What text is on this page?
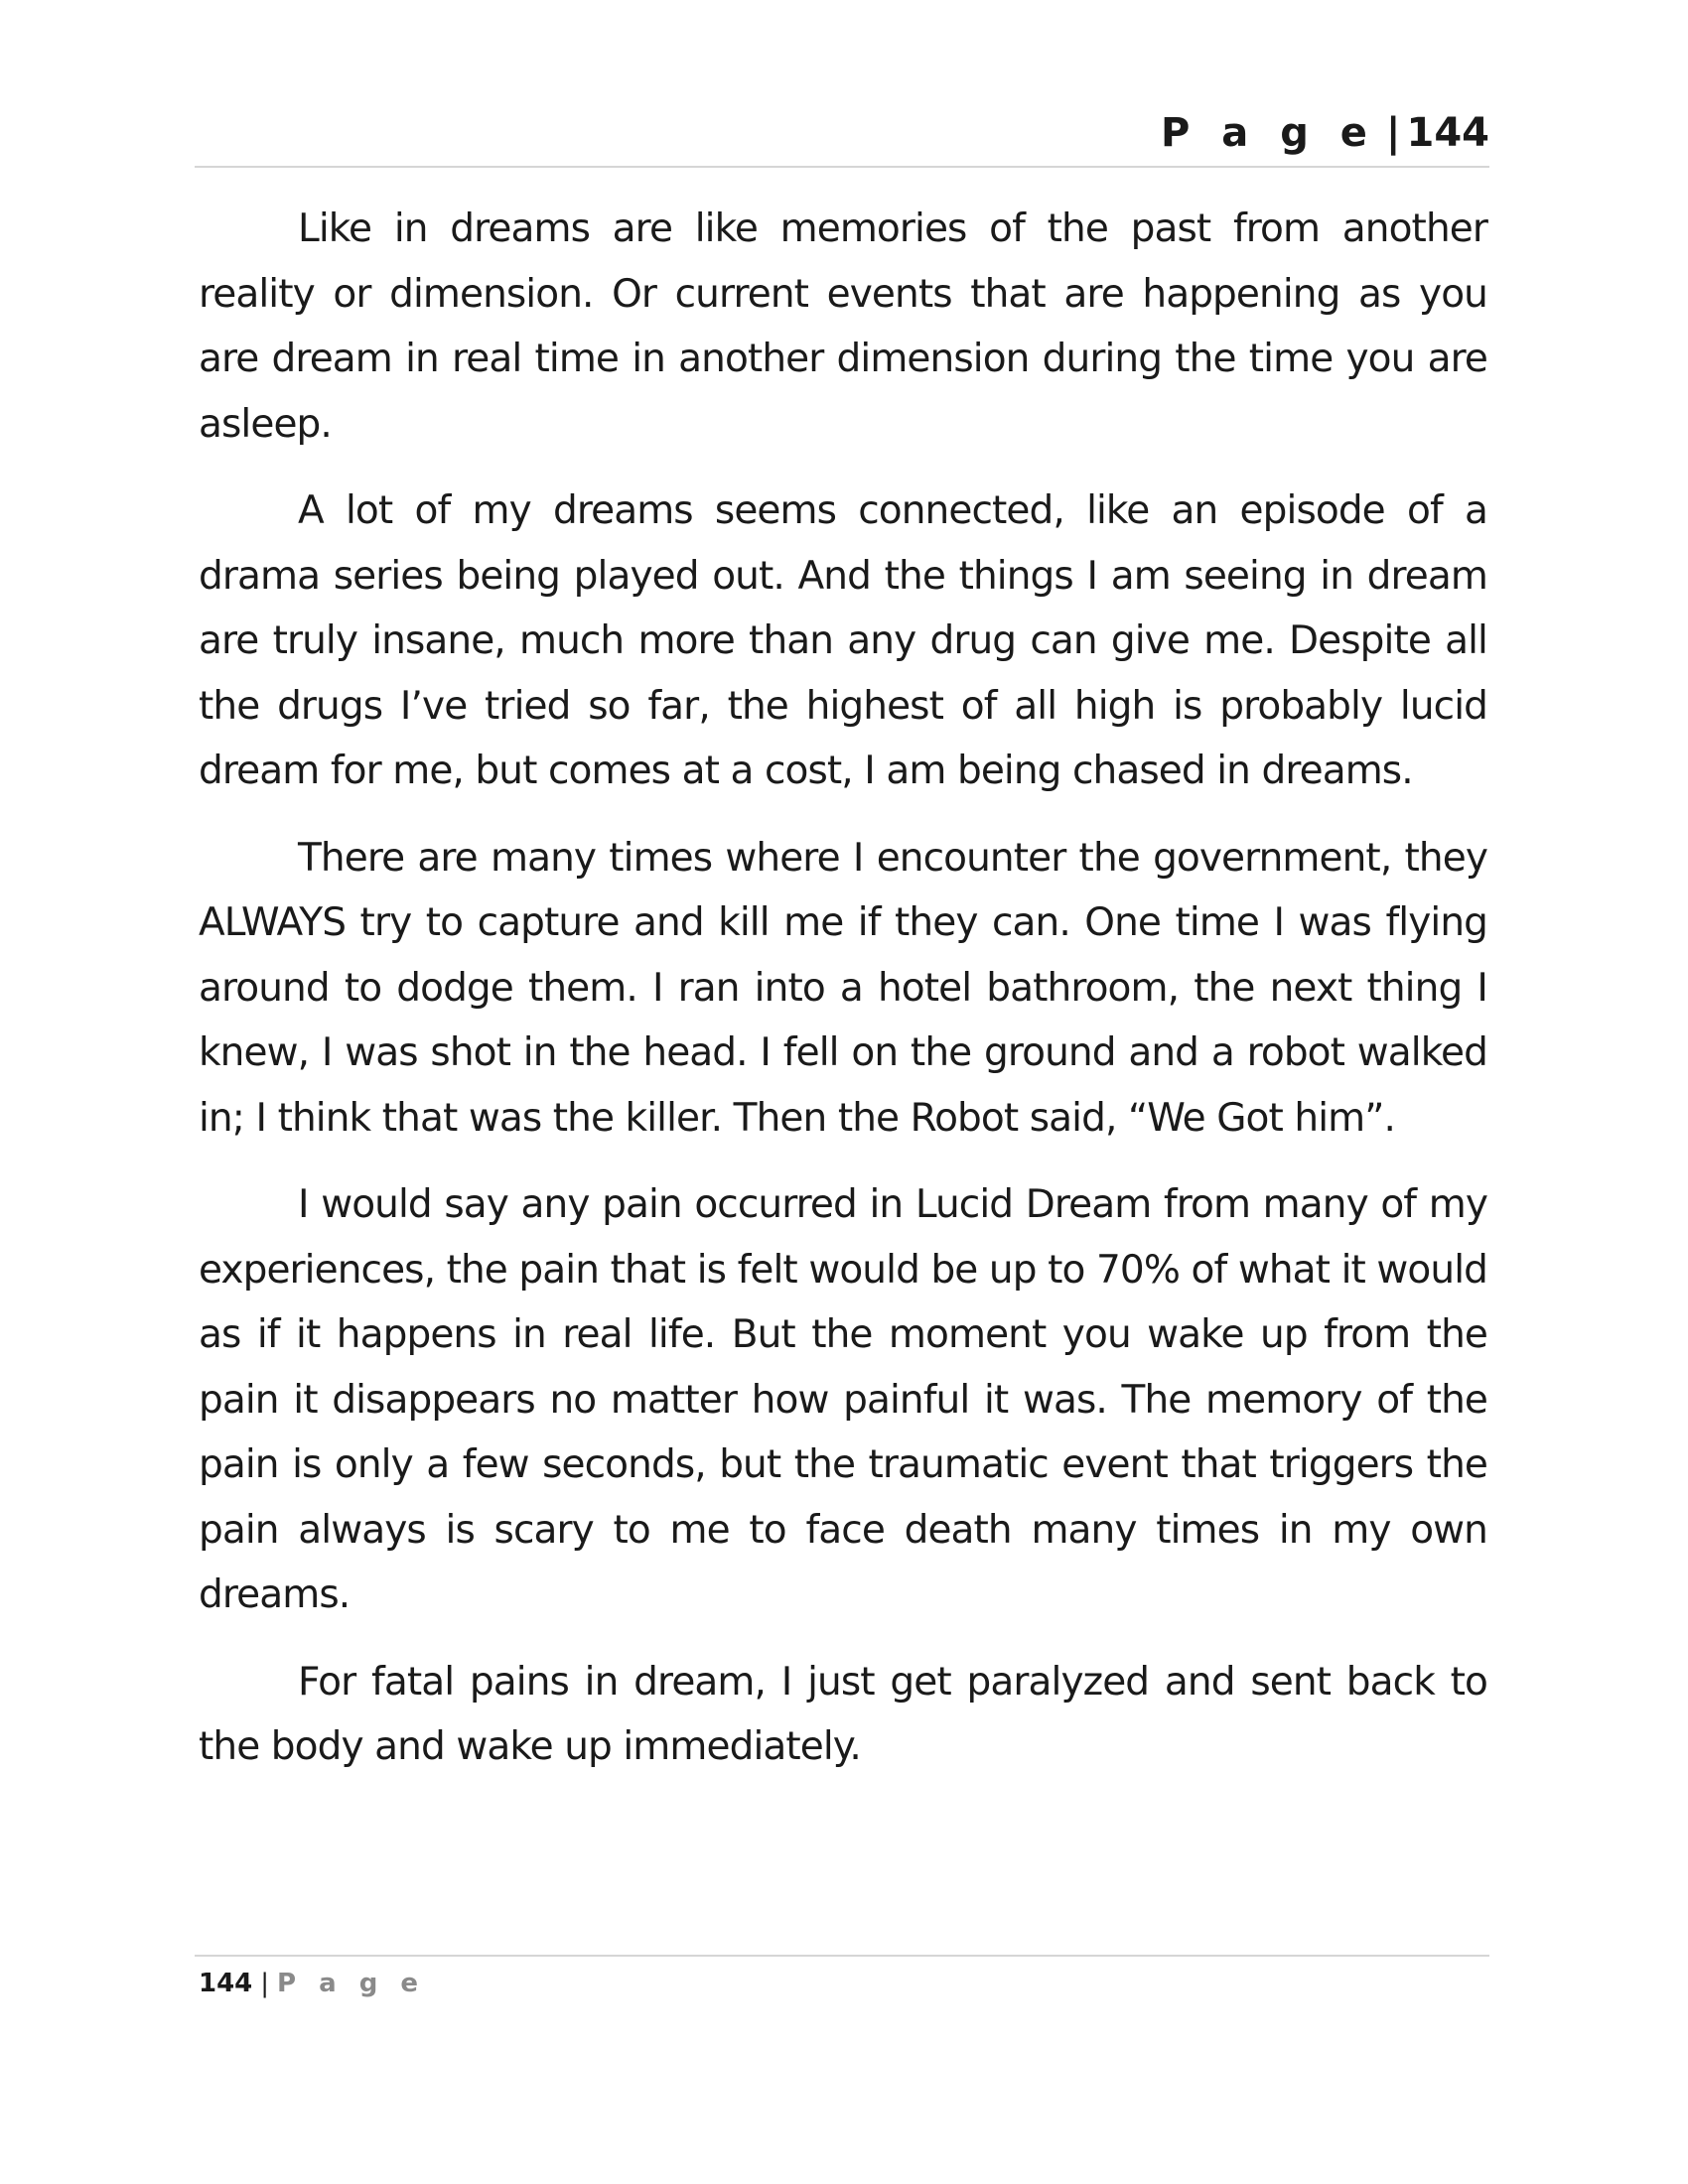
P a g e | 144

Like in dreams are like memories of the past from another reality or dimension. Or current events that are happening as you are dream in real time in another dimension during the time you are asleep.

A lot of my dreams seems connected, like an episode of a drama series being played out. And the things I am seeing in dream are truly insane, much more than any drug can give me. Despite all the drugs I’ve tried so far, the highest of all high is probably lucid dream for me, but comes at a cost, I am being chased in dreams.

There are many times where I encounter the government, they ALWAYS try to capture and kill me if they can. One time I was flying around to dodge them. I ran into a hotel bathroom, the next thing I knew, I was shot in the head. I fell on the ground and a robot walked in; I think that was the killer. Then the Robot said, “We Got him”.

I would say any pain occurred in Lucid Dream from many of my experiences, the pain that is felt would be up to 70% of what it would as if it happens in real life. But the moment you wake up from the pain it disappears no matter how painful it was. The memory of the pain is only a few seconds, but the traumatic event that triggers the pain always is scary to me to face death many times in my own dreams.

For fatal pains in dream, I just get paralyzed and sent back to the body and wake up immediately.

144 | P a g e
